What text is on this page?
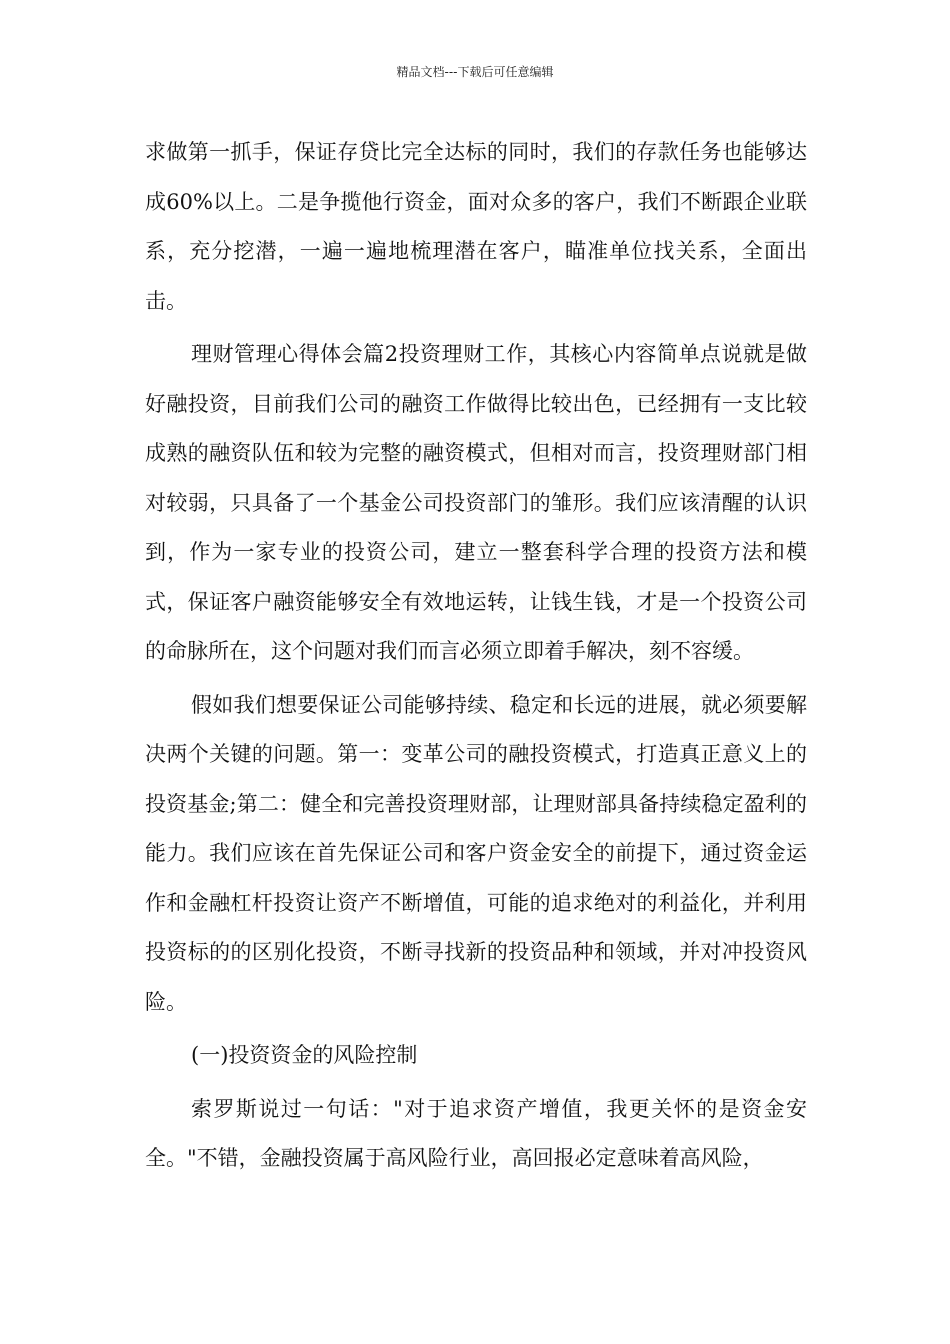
精品文档---下载后可任意编辑

求做第一抓手，保证存贷比完全达标的同时，我们的存款任务也能够达成60%以上。二是争揽他行资金，面对众多的客户，我们不断跟企业联系，充分挖潜，一遍一遍地梳理潜在客户，瞄准单位找关系，全面出击。

理财管理心得体会篇2投资理财工作，其核心内容简单点说就是做好融投资，目前我们公司的融资工作做得比较出色，已经拥有一支比较成熟的融资队伍和较为完整的融资模式，但相对而言，投资理财部门相对较弱，只具备了一个基金公司投资部门的雏形。我们应该清醒的认识到，作为一家专业的投资公司，建立一整套科学合理的投资方法和模式，保证客户融资能够安全有效地运转，让钱生钱，才是一个投资公司的命脉所在，这个问题对我们而言必须立即着手解决，刻不容缓。

假如我们想要保证公司能够持续、稳定和长远的进展，就必须要解决两个关键的问题。第一：变革公司的融投资模式，打造真正意义上的投资基金;第二：健全和完善投资理财部，让理财部具备持续稳定盈利的能力。我们应该在首先保证公司和客户资金安全的前提下，通过资金运作和金融杠杆投资让资产不断增值，可能的追求绝对的利益化，并利用投资标的的区别化投资，不断寻找新的投资品种和领域，并对冲投资风险。

(一)投资资金的风险控制

索罗斯说过一句话："对于追求资产增值，我更关怀的是资金安全。"不错，金融投资属于高风险行业，高回报必定意味着高风险，
